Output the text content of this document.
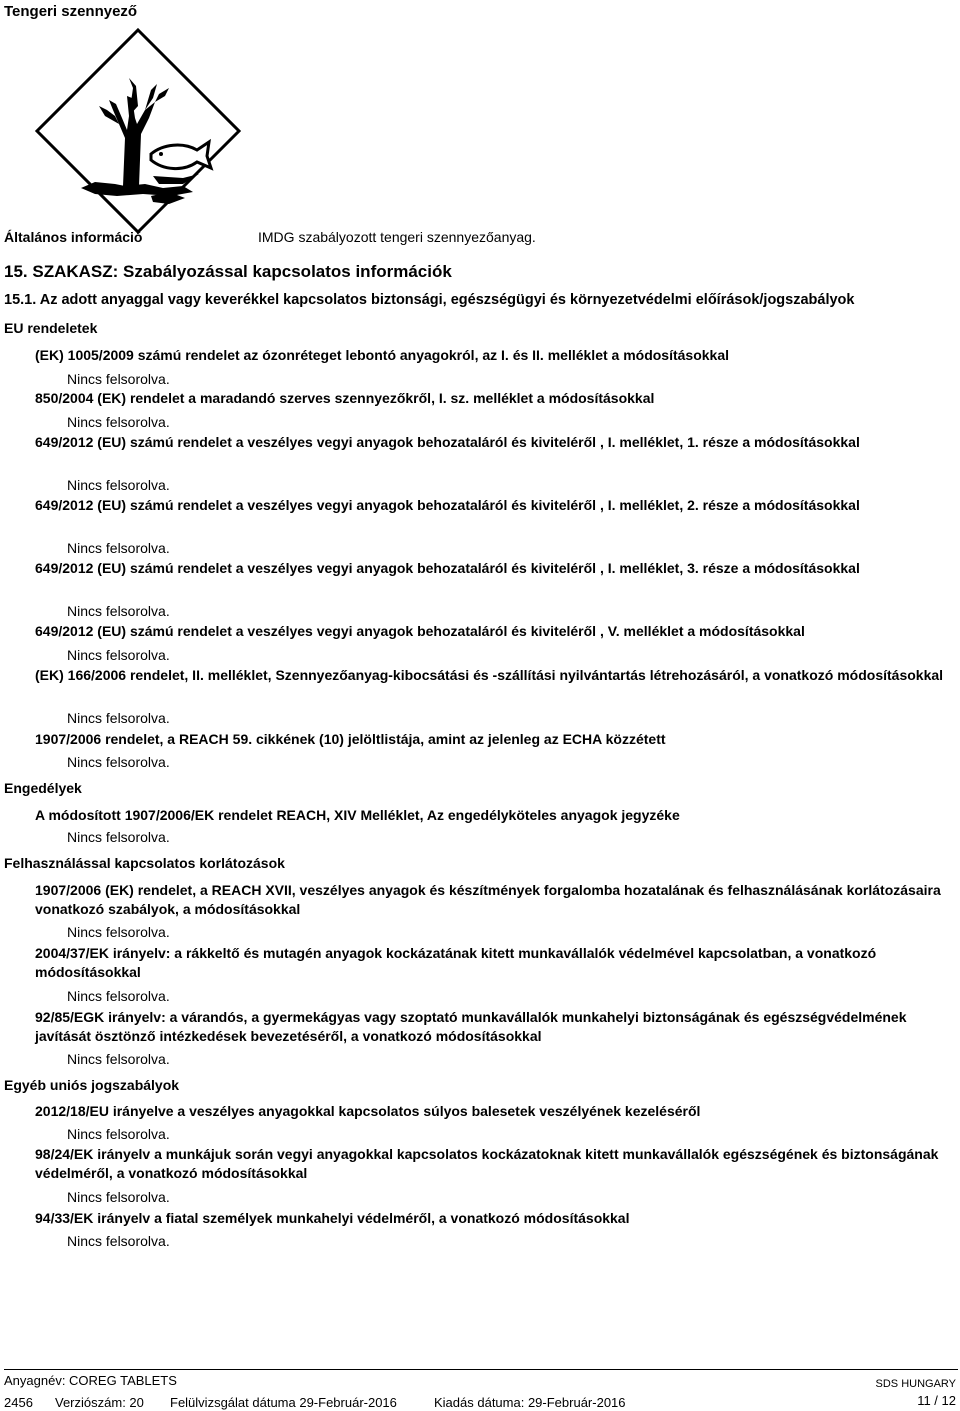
Tengeri szennyező
Általános információ	IMDG szabályozott tengeri szennyezőanyag.
15. SZAKASZ: Szabályozással kapcsolatos információk
15.1. Az adott anyaggal vagy keverékkel kapcsolatos biztonsági, egészségügyi és környezetvédelmi előírások/jogszabályok
EU rendeletek
(EK) 1005/2009 számú rendelet az ózonréteget lebontó anyagokról, az I. és II. melléklet a módosításokkal
Nincs felsorolva.
850/2004 (EK) rendelet a maradandó szerves szennyezőkről, I. sz. melléklet a módosításokkal
Nincs felsorolva.
649/2012 (EU) számú rendelet a veszélyes vegyi anyagok behozataláról és kiviteléről , I. melléklet, 1. része a módosításokkal
Nincs felsorolva.
649/2012 (EU) számú rendelet a veszélyes vegyi anyagok behozataláról és kiviteléről , I. melléklet, 2. része a módosításokkal
Nincs felsorolva.
649/2012 (EU) számú rendelet a veszélyes vegyi anyagok behozataláról és kiviteléről , I. melléklet, 3. része a módosításokkal
Nincs felsorolva.
649/2012 (EU) számú rendelet a veszélyes vegyi anyagok behozataláról és kiviteléről , V. melléklet a módosításokkal
Nincs felsorolva.
(EK) 166/2006 rendelet, II. melléklet, Szennyezőanyag-kibocsátási és -szállítási nyilvántartás létrehozásáról, a vonatkozó módosításokkal
Nincs felsorolva.
1907/2006 rendelet, a REACH 59. cikkének (10) jelöltlistája, amint az jelenleg az ECHA közzétett
Nincs felsorolva.
Engedélyek
A módosított 1907/2006/EK rendelet REACH, XIV Melléklet, Az engedélyköteles anyagok jegyzéke
Nincs felsorolva.
Felhasználással kapcsolatos korlátozások
1907/2006 (EK) rendelet, a REACH XVII, veszélyes anyagok és készítmények forgalomba hozatalának és felhasználásának korlátozásaira vonatkozó szabályok, a módosításokkal
Nincs felsorolva.
2004/37/EK irányelv: a rákkeltő és mutagén anyagok kockázatának kitett munkavállalók védelmével kapcsolatban, a vonatkozó módosításokkal
Nincs felsorolva.
92/85/EGK irányelv: a várandós, a gyermekágyas vagy szoptató munkavállalók munkahelyi biztonságának és egészségvédelmének javítását ösztönző intézkedések bevezetéséről, a vonatkozó módosításokkal
Nincs felsorolva.
Egyéb uniós jogszabályok
2012/18/EU irányelve a veszélyes anyagokkal kapcsolatos súlyos balesetek veszélyének kezeléséről
Nincs felsorolva.
98/24/EK irányelv a munkájuk során vegyi anyagokkal kapcsolatos kockázatoknak kitett munkavállalók egészségének és biztonságának védelméről, a vonatkozó módosításokkal
Nincs felsorolva.
94/33/EK irányelv a fiatal személyek munkahelyi védelméről, a vonatkozó módosításokkal
Nincs felsorolva.
Anyagnév: COREG TABLETS
2456 Verziószám: 20 Felülvizsgálat dátuma 29-Február-2016	Kiadás dátuma: 29-Február-2016
SDS HUNGARY
11 / 12
